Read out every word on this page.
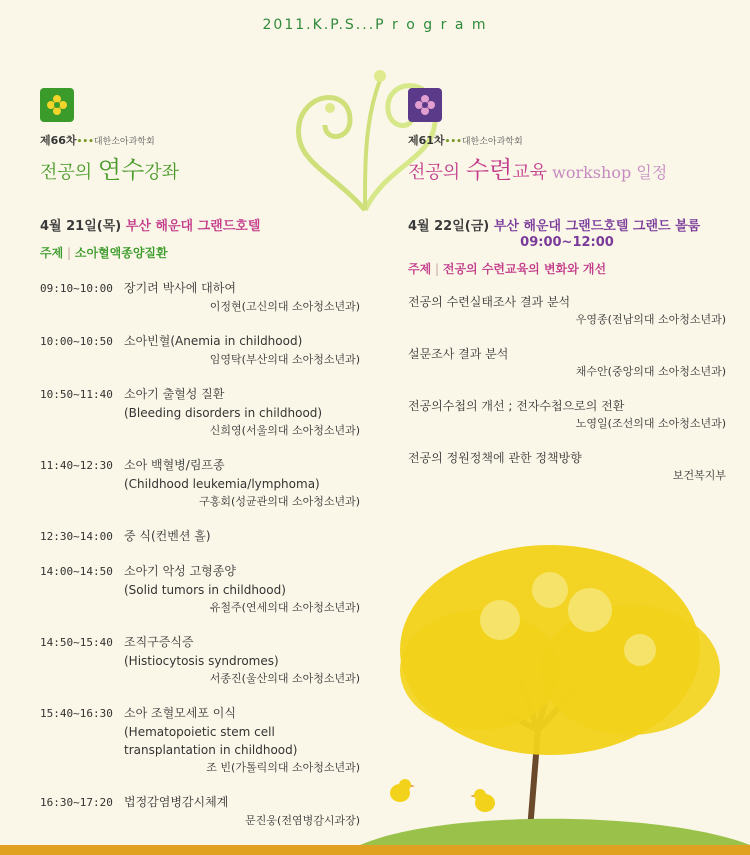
2011.K.P.S...P r o g r a m
제66차•••대한소아과학회
전공의 연수강좌
4월 21일(목) 부산 해운대 그랜드호텔
주제 | 소아혈액종양질환
09:10~10:00 장기려 박사에 대하여
이정현(고신의대 소아청소년과)
10:00~10:50 소아빈혈(Anemia in childhood)
임영탁(부산의대 소아청소년과)
10:50~11:40 소아기 출혈성 질환
(Bleeding disorders in childhood)
신희영(서울의대 소아청소년과)
11:40~12:30 소아 백혈병/림프종
(Childhood leukemia/lymphoma)
구홍회(성균관의대 소아청소년과)
12:30~14:00 중 식(컨벤션 홀)
14:00~14:50 소아기 악성 고형종양
(Solid tumors in childhood)
유철주(연세의대 소아청소년과)
14:50~15:40 조직구증식증
(Histiocytosis syndromes)
서종진(울산의대 소아청소년과)
15:40~16:30 소아 조혈모세포 이식
(Hematopoietic stem cell
transplantation in childhood)
조 빈(가톨릭의대 소아청소년과)
16:30~17:20 법정감염병감시체계
문진웅(전염병감시과장)
제61차•••대한소아과학회
전공의 수련교육 workshop 일정
4월 22일(금) 부산 해운대 그랜드호텔 그랜드 볼룸
09:00~12:00
주제 | 전공의 수련교육의 변화와 개선
전공의 수련실태조사 결과 분석
우영종(전남의대 소아청소년과)
설문조사 결과 분석
채수안(중앙의대 소아청소년과)
전공의수첩의 개선 ; 전자수첩으로의 전환
노영일(조선의대 소아청소년과)
전공의 정원정책에 관한 정책방향
보건복지부
